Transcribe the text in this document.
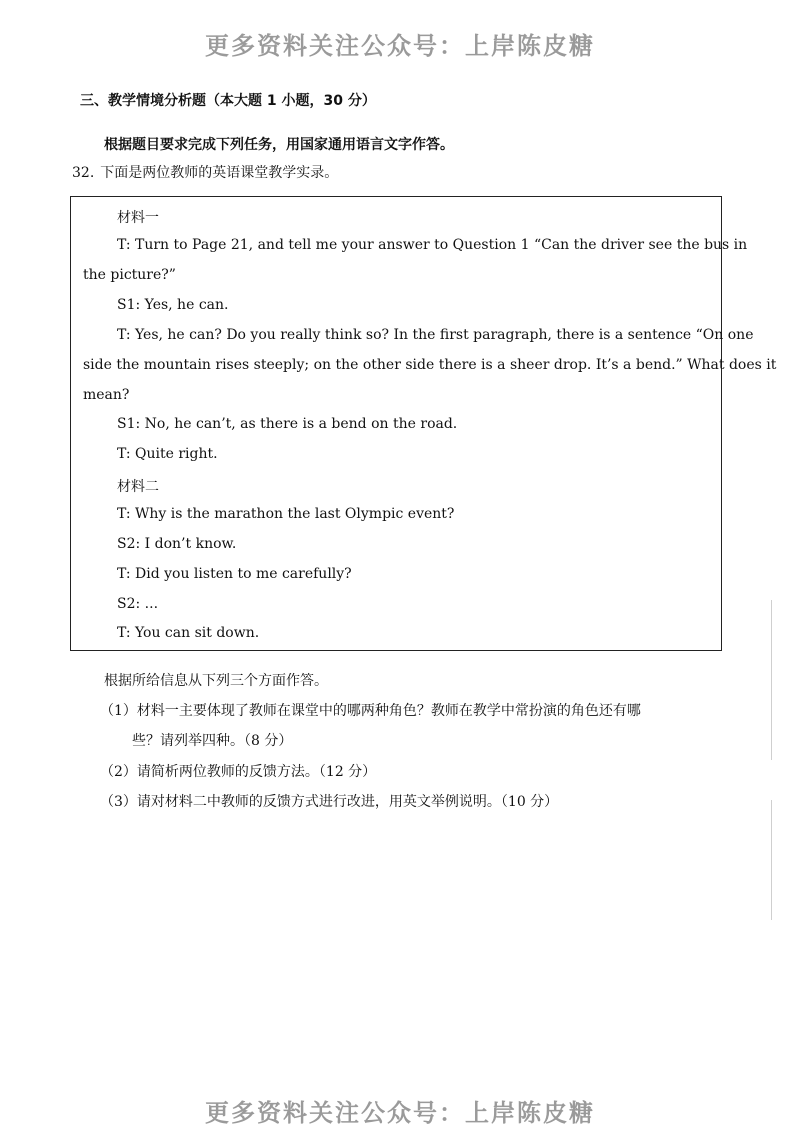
更多资料关注公众号：上岸陈皮糖
三、教学情境分析题（本大题 1 小题，30 分）
根据题目要求完成下列任务，用国家通用语言文字作答。
32. 下面是两位教师的英语课堂教学实录。
材料一
T: Turn to Page 21, and tell me your answer to Question 1 “Can the driver see the bus in
the picture?”
S1: Yes, he can.
T: Yes, he can? Do you really think so? In the first paragraph, there is a sentence “On one
side the mountain rises steeply; on the other side there is a sheer drop. It’s a bend.” What does it
mean?
S1: No, he can’t, as there is a bend on the road.
T: Quite right.
材料二
T: Why is the marathon the last Olympic event?
S2: I don’t know.
T: Did you listen to me carefully?
S2: ...
T: You can sit down.
根据所给信息从下列三个方面作答。
（1）材料一主要体现了教师在课堂中的哪两种角色？教师在教学中常扮演的角色还有哪
些？请列举四种。（8 分）
（2）请简析两位教师的反馈方法。（12 分）
（3）请对材料二中教师的反馈方式进行改进，用英文举例说明。（10 分）
更多资料关注公众号：上岸陈皮糖
